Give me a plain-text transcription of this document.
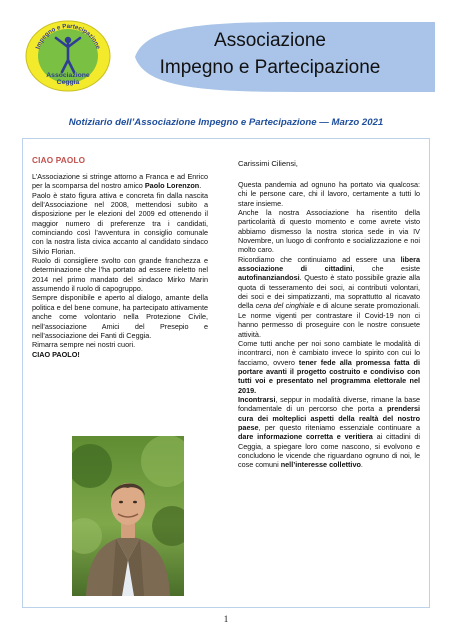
Impegno e Partecipazione
Associazione
Ceggia
Associazione
Impegno e Partecipazione
Notiziario dell’Associazione Impegno e Partecipazione — Marzo 2021
CIAO PAOLO

L’Associazione si stringe attorno a Franca e ad Enrico per la scomparsa del nostro amico Paolo Lorenzon.

Paolo è stato figura attiva e concreta fin dalla nascita dell’Associazione nel 2008, mettendosi subito a disposizione per le elezioni del 2009 ed ottenendo il maggior numero di preferenze tra i candidati, cominciando così l’avventura in consiglio comunale con la nostra lista civica accanto al candidato sindaco Silvio Florian.

Ruolo di consigliere svolto con grande franchezza e determinazione che l’ha portato ad essere rieletto nel 2014 nel primo mandato del sindaco Mirko Marin assumendo il ruolo di capogruppo.

Sempre disponibile e aperto al dialogo, amante della politica e del bene comune, ha partecipato attivamente anche come volontario nella Protezione Civile, nell’associazione Amici del Presepio e nell’associazione dei Fanti di Ceggia.

Rimarra sempre nei nostri cuori.

CIAO PAOLO!

Carissimi Ciliensi,

Questa pandemia ad ognuno ha portato via qualcosa: chi le persone care, chi il lavoro, certamente a tutti lo stare insieme.

Anche la nostra Associazione ha risentito della particolarità di questo momento e come avrete visto abbiamo dismesso la nostra storica sede in via IV Novembre, un luogo di confronto e socializzazione e noi molto caro.

Ricordiamo che continuiamo ad essere una libera associazione di cittadini, che esiste autofinanziandosi. Questo è stato possibile grazie alla quota di tesseramento dei soci, ai contributi volontari, dei soci e dei simpatizzanti, ma soprattutto al ricavato della cena del cinghiale e di alcune serate promozionali. Le norme vigenti per contrastare il Covid-19 non ci hanno permesso di proseguire con le nostre consuete attività.

Come tutti anche per noi sono cambiate le modalità di incontrarci, non è cambiato invece lo spirito con cui lo facciamo, ovvero tener fede alla promessa fatta di portare avanti il progetto costruito e condiviso con tutti voi e presentato nel programma elettorale nel 2019.

Incontrarsi, seppur in modalità diverse, rimane la base fondamentale di un percorso che porta a prendersi cura dei molteplici aspetti della realtà del nostro paese, per questo riteniamo essenziale continuare a dare informazione corretta e veritiera ai cittadini di Ceggia, a spiegare loro come nascono, si evolvono e concludono le vicende che riguardano ognuno di noi, le cose comuni nell’interesse collettivo.

1
